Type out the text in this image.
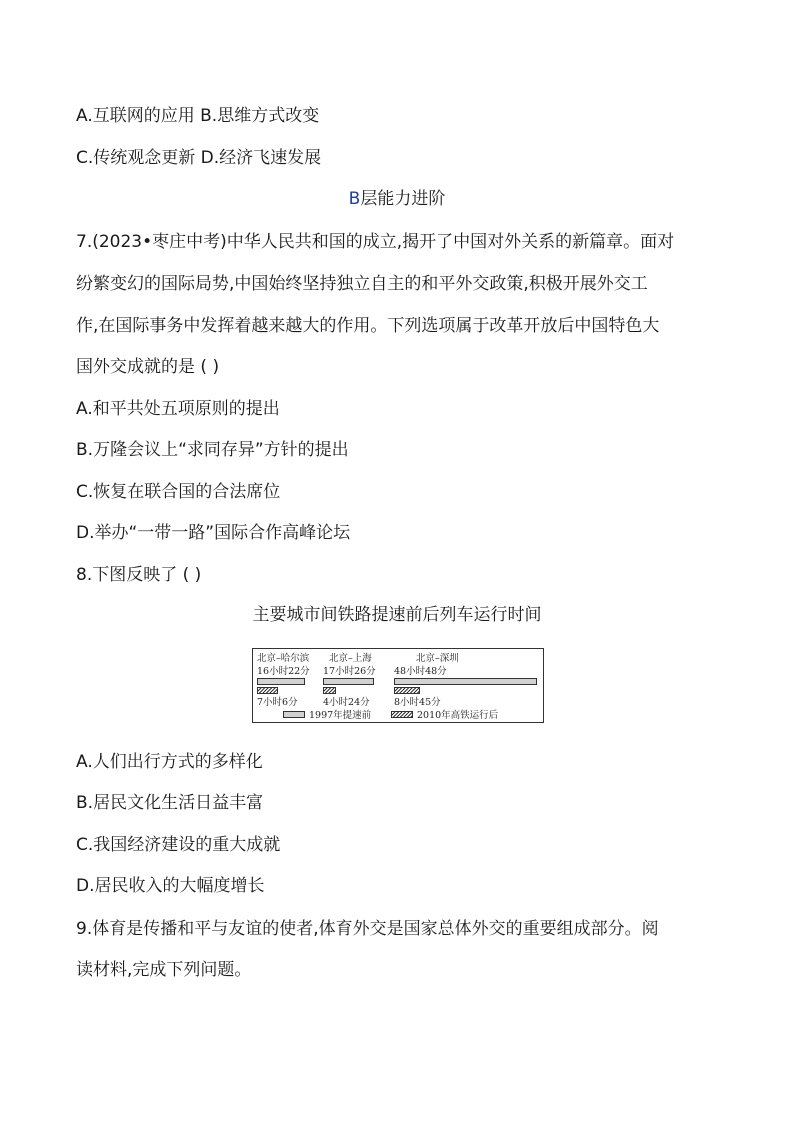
A.互联网的应用 B.思维方式改变
C.传统观念更新 D.经济飞速发展
B层能力进阶
7.(2023•枣庄中考)中华人民共和国的成立,揭开了中国对外关系的新篇章。面对
纷繁变幻的国际局势,中国始终坚持独立自主的和平外交政策,积极开展外交工
作,在国际事务中发挥着越来越大的作用。下列选项属于改革开放后中国特色大
国外交成就的是 ( )
A.和平共处五项原则的提出
B.万隆会议上“求同存异”方针的提出
C.恢复在联合国的合法席位
D.举办“一带一路”国际合作高峰论坛
8.下图反映了 ( )
主要城市间铁路提速前后列车运行时间
北京–哈尔滨
16小时22分
7小时6分
北京–上海
17小时26分
4小时24分
北京–深圳
48小时48分
8小时45分
1997年提速前	2010年高铁运行后
A.人们出行方式的多样化
B.居民文化生活日益丰富
C.我国经济建设的重大成就
D.居民收入的大幅度增长
9.体育是传播和平与友谊的使者,体育外交是国家总体外交的重要组成部分。阅
读材料,完成下列问题。
